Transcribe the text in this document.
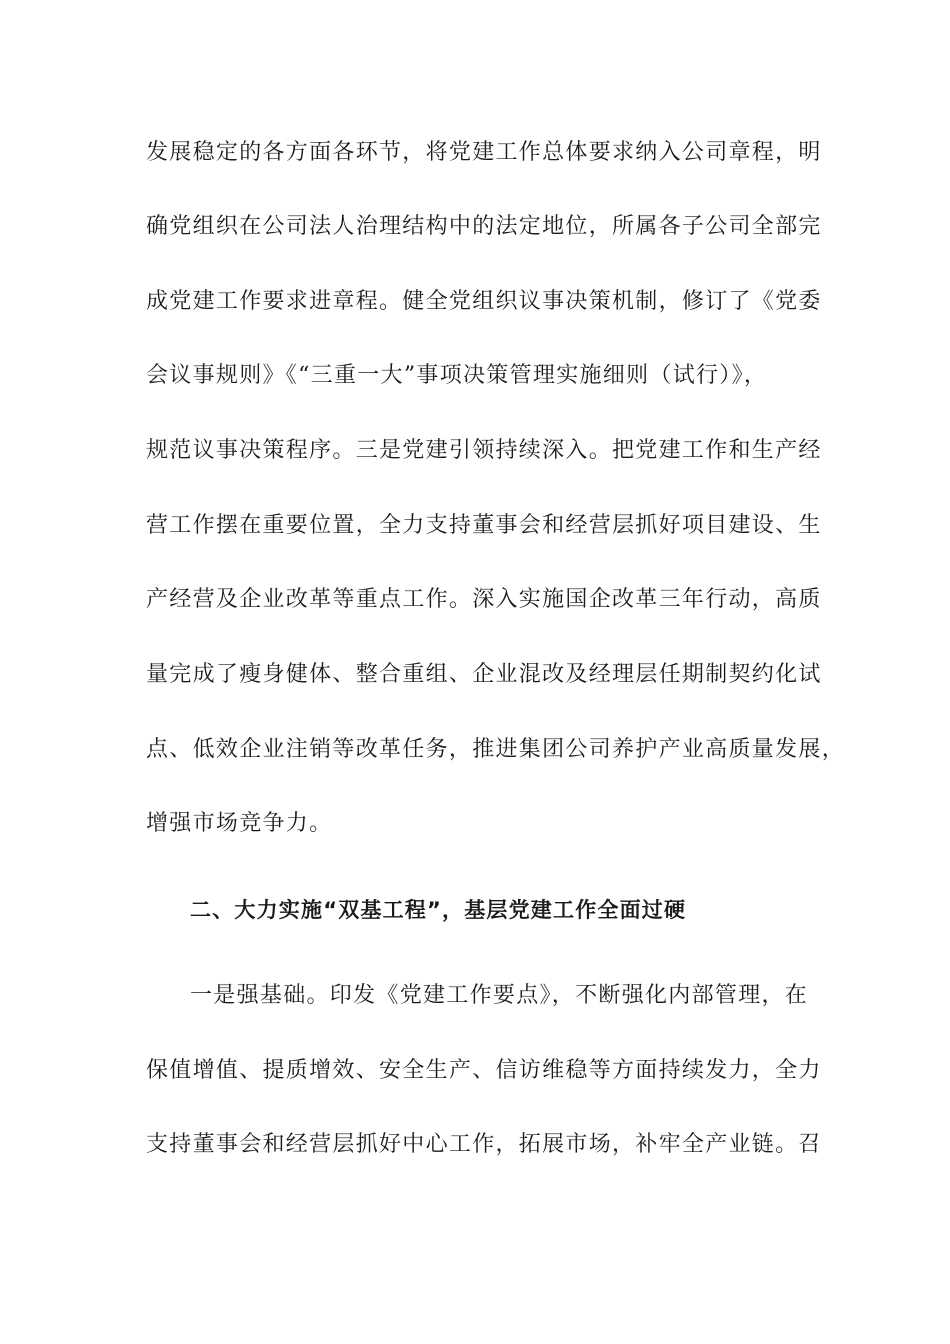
发展稳定的各方面各环节，将党建工作总体要求纳入公司章程，明
确党组织在公司法人治理结构中的法定地位，所属各子公司全部完
成党建工作要求进章程。健全党组织议事决策机制，修订了《党委
会议事规则》《“三重一大”事项决策管理实施细则（试行）》，
规范议事决策程序。三是党建引领持续深入。把党建工作和生产经
营工作摆在重要位置，全力支持董事会和经营层抓好项目建设、生
产经营及企业改革等重点工作。深入实施国企改革三年行动，高质
量完成了瘦身健体、整合重组、企业混改及经理层任期制契约化试
点、低效企业注销等改革任务，推进集团公司养护产业高质量发展，
增强市场竞争力。
二、大力实施“双基工程”，基层党建工作全面过硬
一是强基础。印发《党建工作要点》，不断强化内部管理，在
保值增值、提质增效、安全生产、信访维稳等方面持续发力，全力
支持董事会和经营层抓好中心工作，拓展市场，补牢全产业链。召
